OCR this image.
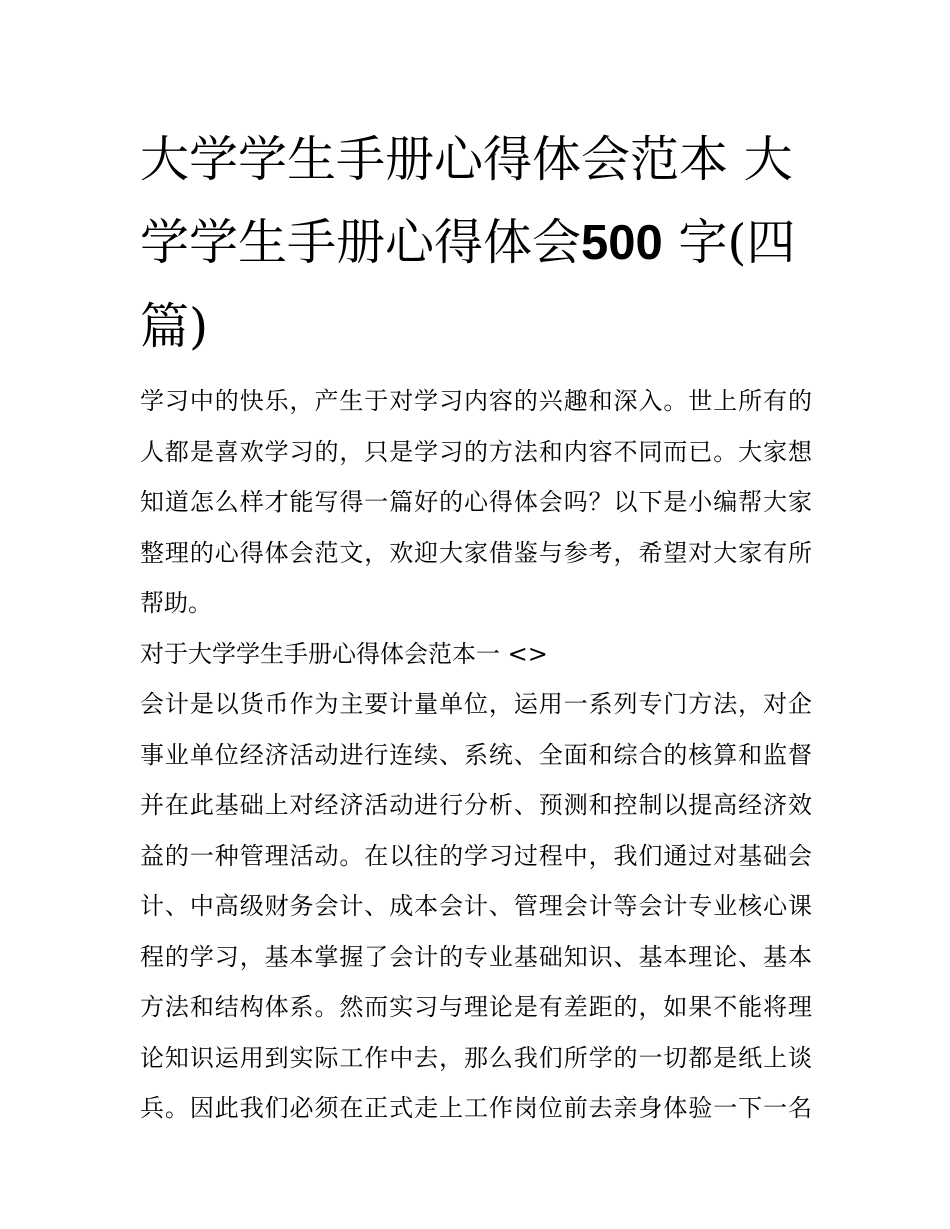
大学学生手册心得体会范本 大
学学生手册心得体会500 字(四
篇)
学习中的快乐，产生于对学习内容的兴趣和深入。世上所有的
人都是喜欢学习的，只是学习的方法和内容不同而已。大家想
知道怎么样才能写得一篇好的心得体会吗？以下是小编帮大家
整理的心得体会范文，欢迎大家借鉴与参考，希望对大家有所
帮助。
对于大学学生手册心得体会范本一 <>
会计是以货币作为主要计量单位，运用一系列专门方法，对企
事业单位经济活动进行连续、系统、全面和综合的核算和监督
并在此基础上对经济活动进行分析、预测和控制以提高经济效
益的一种管理活动。在以往的学习过程中，我们通过对基础会
计、中高级财务会计、成本会计、管理会计等会计专业核心课
程的学习，基本掌握了会计的专业基础知识、基本理论、基本
方法和结构体系。然而实习与理论是有差距的，如果不能将理
论知识运用到实际工作中去，那么我们所学的一切都是纸上谈
兵。因此我们必须在正式走上工作岗位前去亲身体验一下一名
